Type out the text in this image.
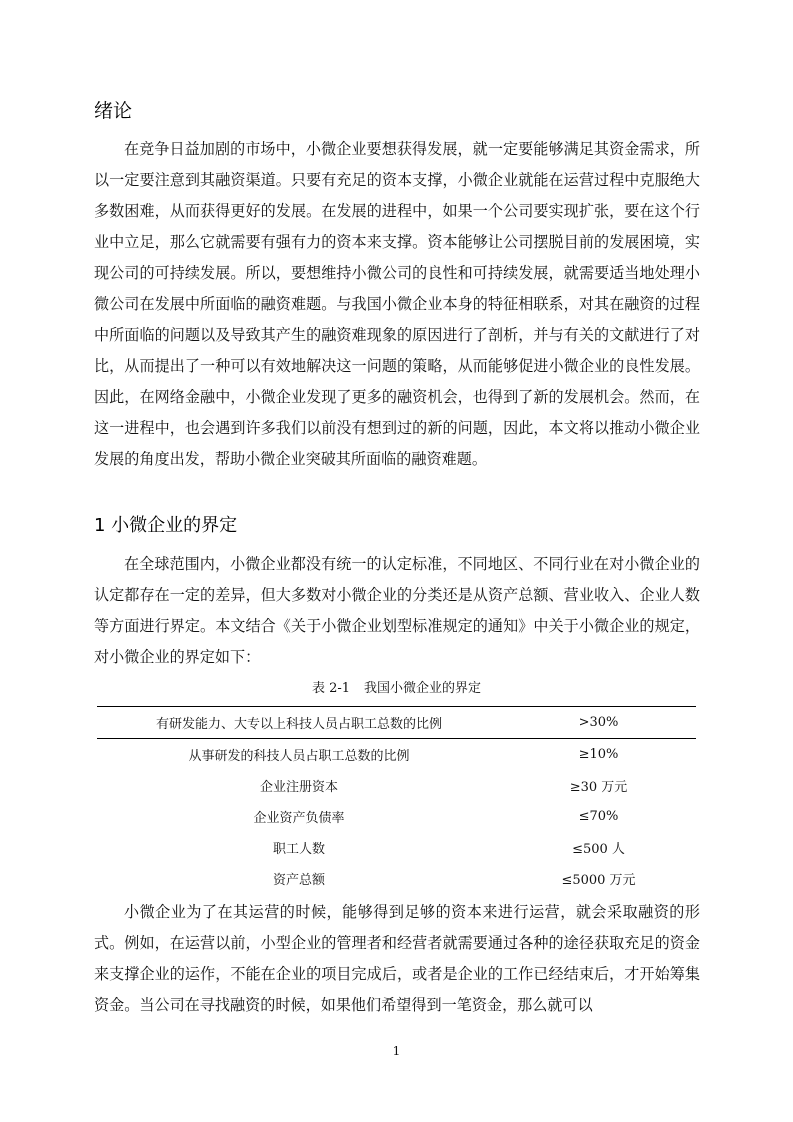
绪论

在竞争日益加剧的市场中，小微企业要想获得发展，就一定要能够满足其资金需求，所以一定要注意到其融资渠道。只要有充足的资本支撑，小微企业就能在运营过程中克服绝大多数困难，从而获得更好的发展。在发展的进程中，如果一个公司要实现扩张，要在这个行业中立足，那么它就需要有强有力的资本来支撑。资本能够让公司摆脱目前的发展困境，实现公司的可持续发展。所以，要想维持小微公司的良性和可持续发展，就需要适当地处理小微公司在发展中所面临的融资难题。与我国小微企业本身的特征相联系，对其在融资的过程中所面临的问题以及导致其产生的融资难现象的原因进行了剖析，并与有关的文献进行了对比，从而提出了一种可以有效地解决这一问题的策略，从而能够促进小微企业的良性发展。因此，在网络金融中，小微企业发现了更多的融资机会，也得到了新的发展机会。然而，在这一进程中，也会遇到许多我们以前没有想到过的新的问题，因此，本文将以推动小微企业发展的角度出发，帮助小微企业突破其所面临的融资难题。

1 小微企业的界定

在全球范围内，小微企业都没有统一的认定标准，不同地区、不同行业在对小微企业的认定都存在一定的差异，但大多数对小微企业的分类还是从资产总额、营业收入、企业人数等方面进行界定。本文结合《关于小微企业划型标准规定的通知》中关于小微企业的规定，对小微企业的界定如下：

表 2-1 我国小微企业的界定

有研发能力、大专以上科技人员占职工总数的比例	>30%
从事研发的科技人员占职工总数的比例	≥10%
企业注册资本	≥30 万元
企业资产负债率	≤70%
职工人数	≤500 人
资产总额	≤5000 万元

小微企业为了在其运营的时候，能够得到足够的资本来进行运营，就会采取融资的形式。例如，在运营以前，小型企业的管理者和经营者就需要通过各种的途径获取充足的资金来支撑企业的运作，不能在企业的项目完成后，或者是企业的工作已经结束后，才开始筹集资金。当公司在寻找融资的时候，如果他们希望得到一笔资金，那么就可以

1
